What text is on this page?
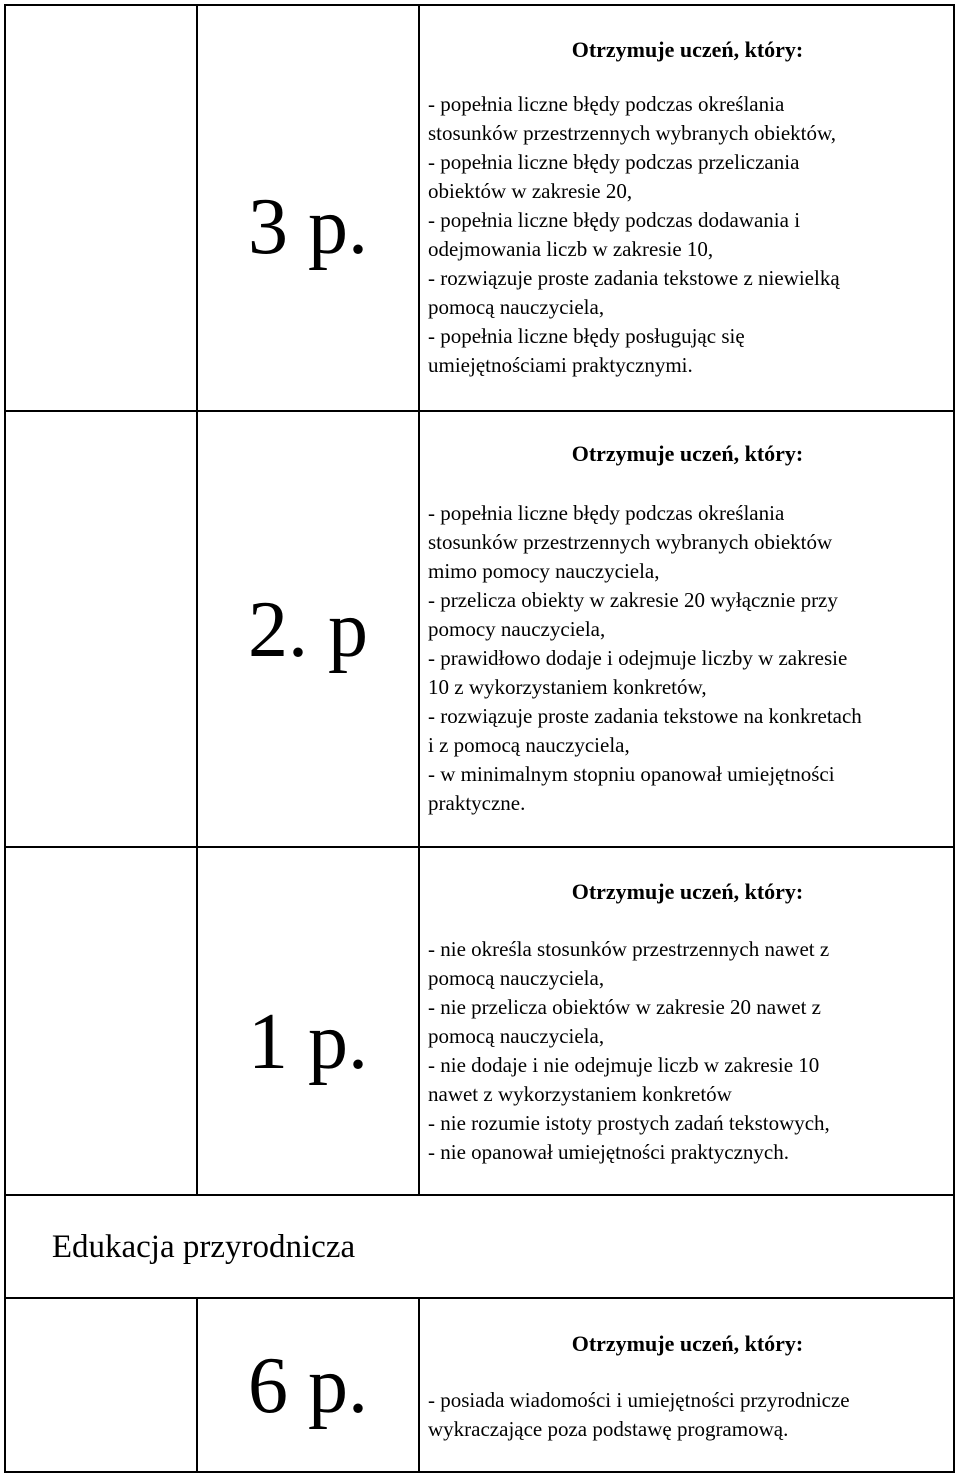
3 p.
Otrzymuje uczeń, który:
- popełnia liczne błędy podczas określania
stosunków przestrzennych wybranych obiektów,
- popełnia liczne błędy podczas przeliczania
obiektów w zakresie 20,
- popełnia liczne błędy podczas dodawania i
odejmowania liczb w zakresie 10,
- rozwiązuje proste zadania tekstowe z niewielką
pomocą nauczyciela,
- popełnia liczne błędy posługując się
umiejętnościami praktycznymi.
2. p
Otrzymuje uczeń, który:
- popełnia liczne błędy podczas określania
stosunków przestrzennych wybranych obiektów
mimo pomocy nauczyciela,
- przelicza obiekty w zakresie 20 wyłącznie przy
pomocy nauczyciela,
- prawidłowo dodaje i odejmuje liczby w zakresie
10 z wykorzystaniem konkretów,
- rozwiązuje proste zadania tekstowe na konkretach
i z pomocą nauczyciela,
- w minimalnym stopniu opanował umiejętności
praktyczne.
1 p.
Otrzymuje uczeń, który:
- nie określa stosunków przestrzennych nawet z
pomocą nauczyciela,
- nie przelicza obiektów w zakresie 20 nawet z
pomocą nauczyciela,
- nie dodaje i nie odejmuje liczb w zakresie 10
nawet z wykorzystaniem konkretów
- nie rozumie istoty prostych zadań tekstowych,
- nie opanował umiejętności praktycznych.
Edukacja przyrodnicza
6 p.	Otrzymuje uczeń, który:
- posiada wiadomości i umiejętności przyrodnicze
wykraczające poza podstawę programową.
